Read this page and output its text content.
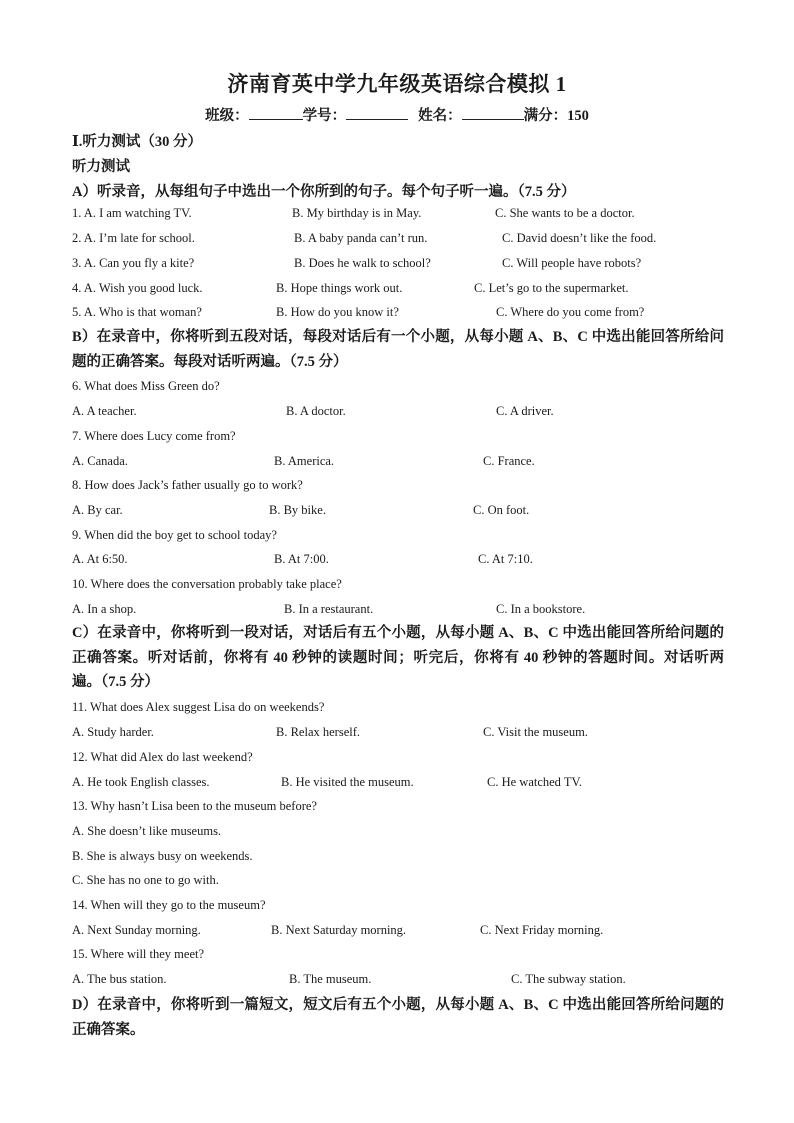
济南育英中学九年级英语综合模拟 1
班级：	学号：	姓名：	满分：150
Ⅰ.听力测试（30 分）
听力测试
A）听录音，从每组句子中选出一个你所到的句子。每个句子听一遍。（7.5 分）
1. A. I am watching TV.	B. My birthday is in May.	C. She wants to be a doctor.
2. A. I’m late for school.	B. A baby panda can’t run.	C. David doesn’t like the food.
3. A. Can you fly a kite?	B. Does he walk to school?	C. Will people have robots?
4. A. Wish you good luck.	B. Hope things work out.	C. Let’s go to the supermarket.
5. A. Who is that woman?	B. How do you know it?	C. Where do you come from?
B）在录音中，你将听到五段对话，每段对话后有一个小题，从每小题 A、B、C 中选出能回答所给问题的正确答案。每段对话听两遍。（7.5 分）
6. What does Miss Green do?
A. A teacher.	B. A doctor.	C. A driver.
7. Where does Lucy come from?
A. Canada.	B. America.	C. France.
8. How does Jack’s father usually go to work?
A. By car.	B. By bike.	C. On foot.
9. When did the boy get to school today?
A. At 6:50.	B. At 7:00.	C. At 7:10.
10. Where does the conversation probably take place?
A. In a shop.	B. In a restaurant.	C. In a bookstore.
C）在录音中，你将听到一段对话，对话后有五个小题，从每小题 A、B、C 中选出能回答所给问题的正确答案。听对话前，你将有 40 秒钟的读题时间；听完后，你将有 40 秒钟的答题时间。对话听两遍。（7.5 分）
11. What does Alex suggest Lisa do on weekends?
A. Study harder.	B. Relax herself.	C. Visit the museum.
12. What did Alex do last weekend?
A. He took English classes.	B. He visited the museum.	C. He watched TV.
13. Why hasn’t Lisa been to the museum before?
A. She doesn’t like museums.
B. She is always busy on weekends.
C. She has no one to go with.
14. When will they go to the museum?
A. Next Sunday morning.	B. Next Saturday morning.	C. Next Friday morning.
15. Where will they meet?
A. The bus station.	B. The museum.	C. The subway station.
D）在录音中，你将听到一篇短文，短文后有五个小题，从每小题 A、B、C 中选出能回答所给问题的正确答案。
